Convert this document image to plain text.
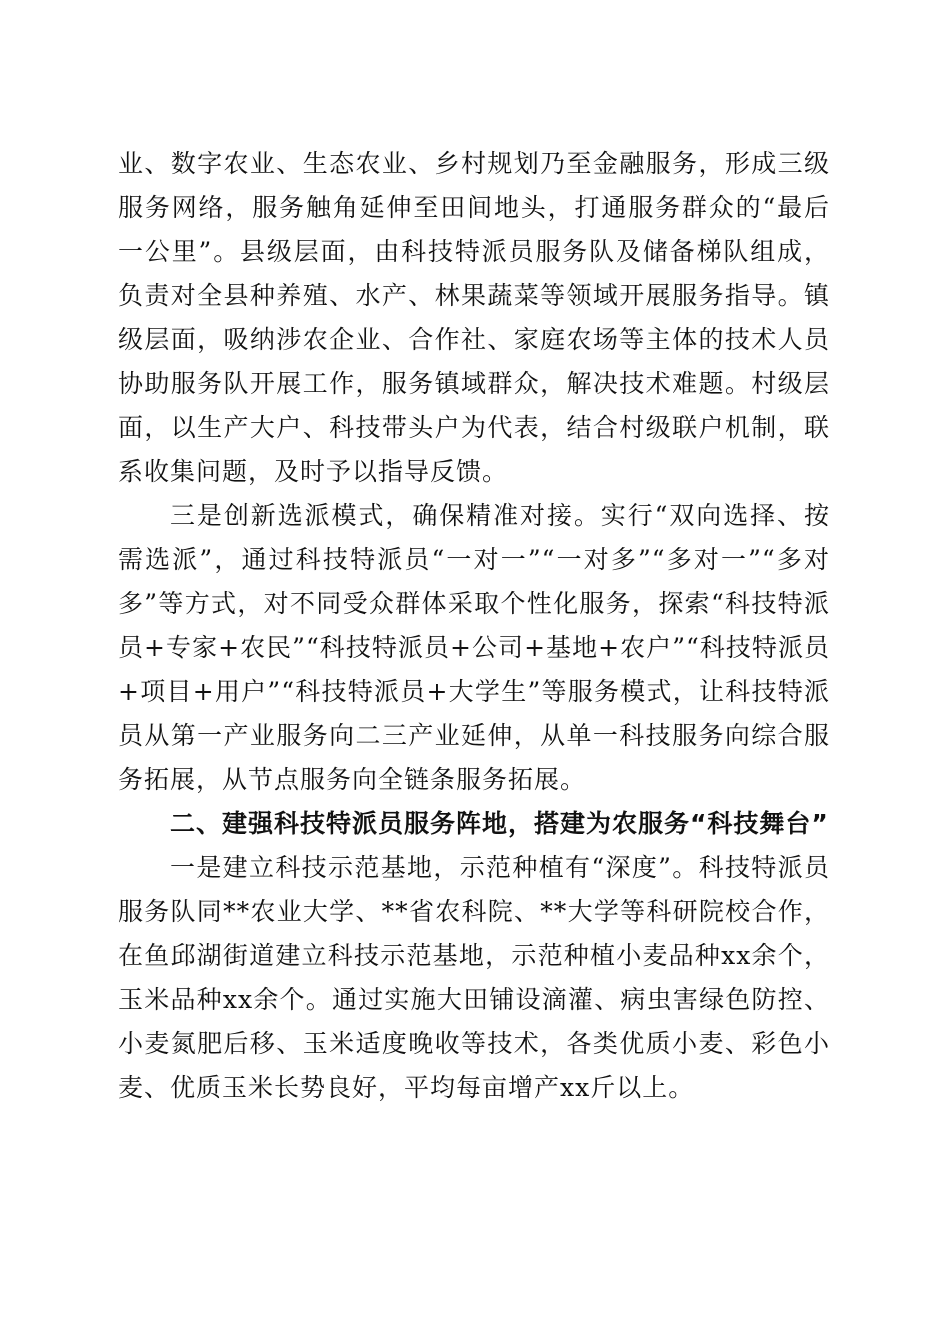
业、数字农业、生态农业、乡村规划乃至金融服务，形成三级服务网络，服务触角延伸至田间地头，打通服务群众的“最后一公里”。县级层面，由科技特派员服务队及储备梯队组成，负责对全县种养殖、水产、林果蔬菜等领域开展服务指导。镇级层面，吸纳涉农企业、合作社、家庭农场等主体的技术人员协助服务队开展工作，服务镇域群众，解决技术难题。村级层面，以生产大户、科技带头户为代表，结合村级联户机制，联系收集问题，及时予以指导反馈。

三是创新选派模式，确保精准对接。实行“双向选择、按需选派”，通过科技特派员“一对一”“一对多”“多对一”“多对多”等方式，对不同受众群体采取个性化服务，探索“科技特派员+专家+农民”“科技特派员+公司+基地+农户”“科技特派员+项目+用户”“科技特派员+大学生”等服务模式，让科技特派员从第一产业服务向二三产业延伸，从单一科技服务向综合服务拓展，从节点服务向全链条服务拓展。

二、建强科技特派员服务阵地，搭建为农服务“科技舞台”

一是建立科技示范基地，示范种植有“深度”。科技特派员服务队同**农业大学、**省农科院、**大学等科研院校合作，在鱼邱湖街道建立科技示范基地，示范种植小麦品种xx余个，玉米品种xx余个。通过实施大田铺设滴灌、病虫害绿色防控、小麦氮肥后移、玉米适度晚收等技术，各类优质小麦、彩色小麦、优质玉米长势良好，平均每亩增产xx斤以上。
